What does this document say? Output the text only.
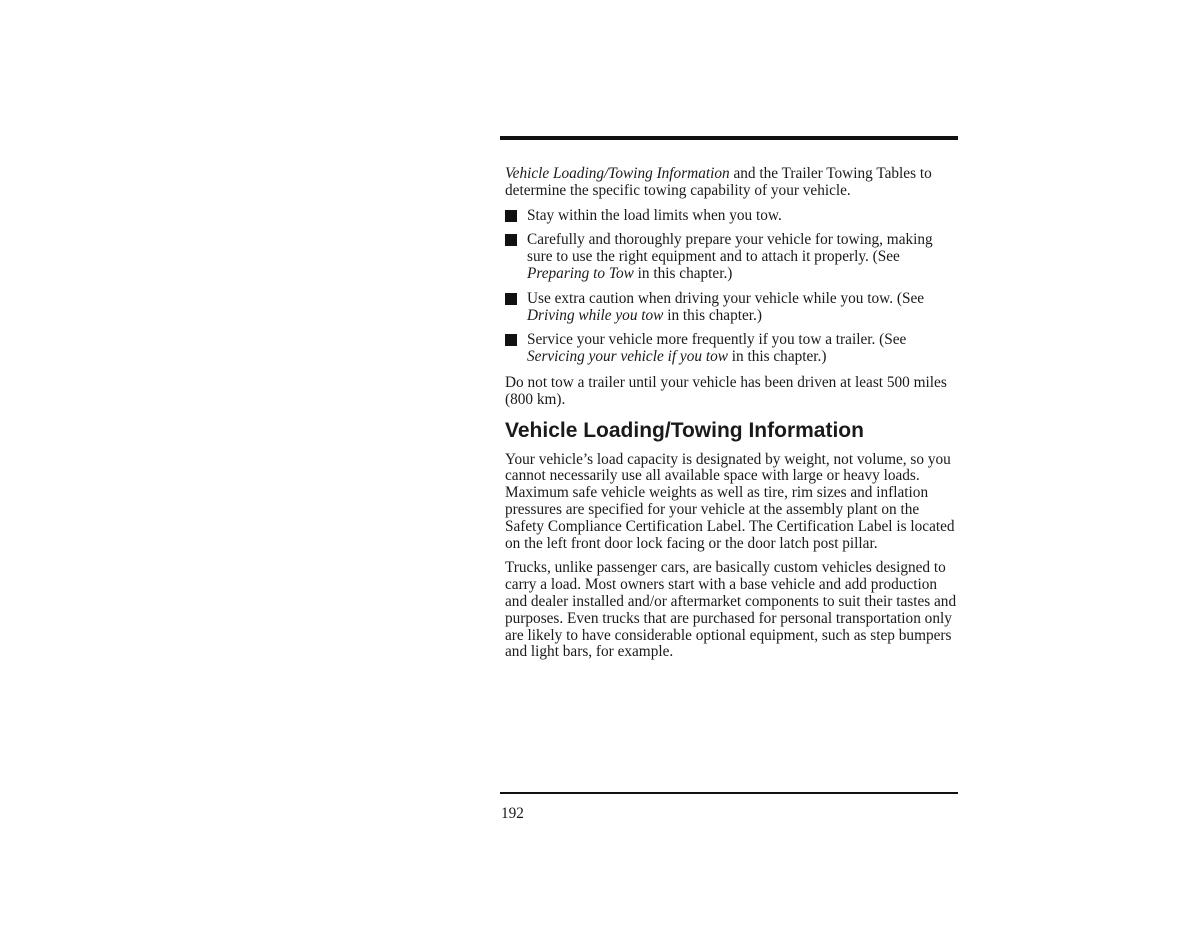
Vehicle Loading/Towing Information and the Trailer Towing Tables to determine the specific towing capability of your vehicle.

Stay within the load limits when you tow.
Carefully and thoroughly prepare your vehicle for towing, making sure to use the right equipment and to attach it properly. (See Preparing to Tow in this chapter.)
Use extra caution when driving your vehicle while you tow. (See Driving while you tow in this chapter.)
Service your vehicle more frequently if you tow a trailer. (See Servicing your vehicle if you tow in this chapter.)

Do not tow a trailer until your vehicle has been driven at least 500 miles (800 km).

Vehicle Loading/Towing Information

Your vehicle’s load capacity is designated by weight, not volume, so you cannot necessarily use all available space with large or heavy loads. Maximum safe vehicle weights as well as tire, rim sizes and inflation pressures are specified for your vehicle at the assembly plant on the Safety Compliance Certification Label. The Certification Label is located on the left front door lock facing or the door latch post pillar.

Trucks, unlike passenger cars, are basically custom vehicles designed to carry a load. Most owners start with a base vehicle and add production and dealer installed and/or aftermarket components to suit their tastes and purposes. Even trucks that are purchased for personal transportation only are likely to have considerable optional equipment, such as step bumpers and light bars, for example.

192
